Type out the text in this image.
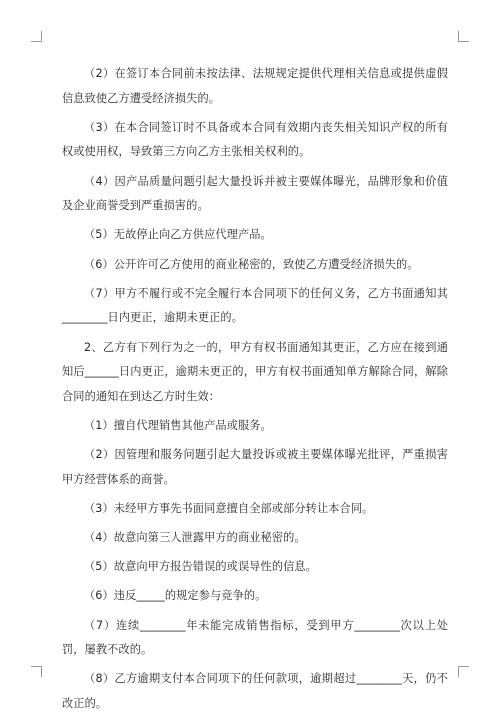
（2）在签订本合同前未按法律、法规规定提供代理相关信息或提供虚假信息致使乙方遭受经济损失的。

（3）在本合同签订时不具备或本合同有效期内丧失相关知识产权的所有权或使用权，导致第三方向乙方主张相关权利的。

（4）因产品质量问题引起大量投诉并被主要媒体曝光，品牌形象和价值及企业商誉受到严重损害的。

（5）无故停止向乙方供应代理产品。

（6）公开许可乙方使用的商业秘密的，致使乙方遭受经济损失的。

（7）甲方不履行或不完全履行本合同项下的任何义务，乙方书面通知其________日内更正，逾期未更正的。

2、乙方有下列行为之一的，甲方有权书面通知其更正，乙方应在接到通知后______日内更正，逾期未更正的，甲方有权书面通知单方解除合同，解除合同的通知在到达乙方时生效：

（1）擅自代理销售其他产品或服务。

（2）因管理和服务问题引起大量投诉或被主要媒体曝光批评，严重损害甲方经营体系的商誉。

（3）未经甲方事先书面同意擅自全部或部分转让本合同。

（4）故意向第三人泄露甲方的商业秘密的。

（5）故意向甲方报告错误的或误导性的信息。

（6）违反_____的规定参与竞争的。

（7）连续________年未能完成销售指标，受到甲方________次以上处罚，屡教不改的。

（8）乙方逾期支付本合同项下的任何款项，逾期超过________天，仍不改正的。
